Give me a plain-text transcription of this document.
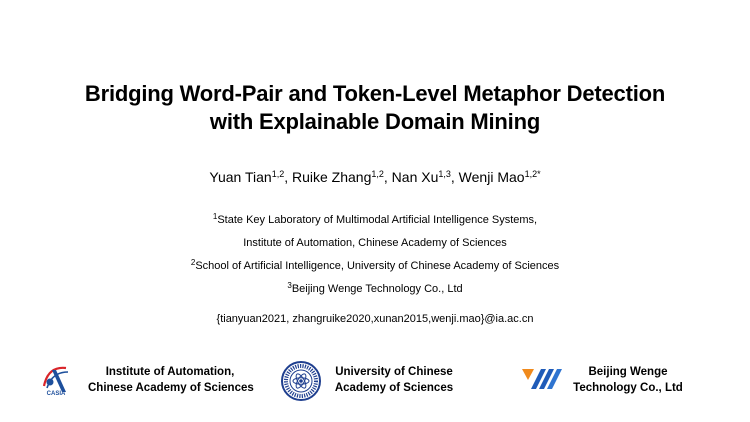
Bridging Word-Pair and Token-Level Metaphor Detection
with Explainable Domain Mining
Yuan Tian$^{1,2}$, Ruike Zhang$^{1,2}$, Nan Xu$^{1,3}$, Wenji Mao$^{1,2*}$
$^1$State Key Laboratory of Multimodal Artificial Intelligence Systems,
Institute of Automation, Chinese Academy of Sciences
$^2$School of Artificial Intelligence, University of Chinese Academy of Sciences
$^3$Beijing Wenge Technology Co., Ltd
{tianyuan2021, zhangruike2020,xunan2015,wenji.mao}@ia.ac.cn
CASIA
Institute of Automation,
Chinese Academy of Sciences
University of Chinese
Academy of Sciences
Beijing Wenge
Technology Co., Ltd
